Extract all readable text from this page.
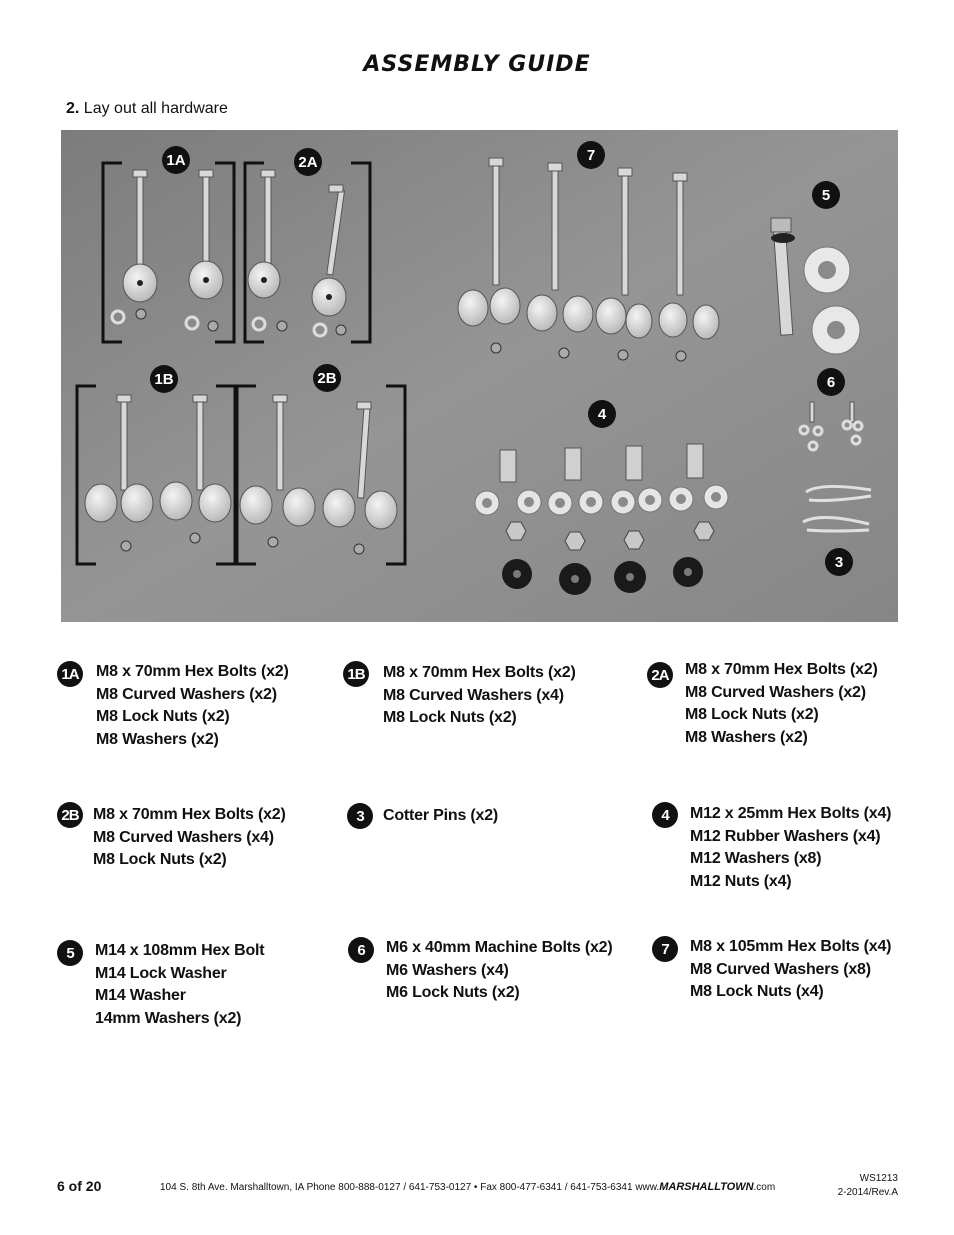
ASSEMBLY GUIDE
2. Lay out all hardware
1A	2A
1B	2B
7
5
6
4
3
1A M8 x 70mm Hex Bolts (x2)
M8 Curved Washers (x2)
M8 Lock Nuts (x2)
M8 Washers (x2)
1B M8 x 70mm Hex Bolts (x2)
M8 Curved Washers (x4)
M8 Lock Nuts (x2)
2A M8 x 70mm Hex Bolts (x2)
M8 Curved Washers (x2)
M8 Lock Nuts (x2)
M8 Washers (x2)
2B M8 x 70mm Hex Bolts (x2)
M8 Curved Washers (x4)
M8 Lock Nuts (x2)
3	Cotter Pins (x2)	4	M12 x 25mm Hex Bolts (x4)
M12 Rubber Washers (x4)
M12 Washers (x8)
M12 Nuts (x4)
5	M14 x 108mm Hex Bolt
M14 Lock Washer
M14 Washer
14mm Washers (x2)
6	M6 x 40mm Machine Bolts (x2)
M6 Washers (x4)
M6 Lock Nuts (x2)
7	M8 x 105mm Hex Bolts (x4)
M8 Curved Washers (x8)
M8 Lock Nuts (x4)
6 of 20	104 S. 8th Ave. Marshalltown, IA Phone 800-888-0127 / 641-753-0127 • Fax 800-477-6341 / 641-753-6341 www.MARSHALLTOWN.com
WS1213
2-2014/Rev.A
